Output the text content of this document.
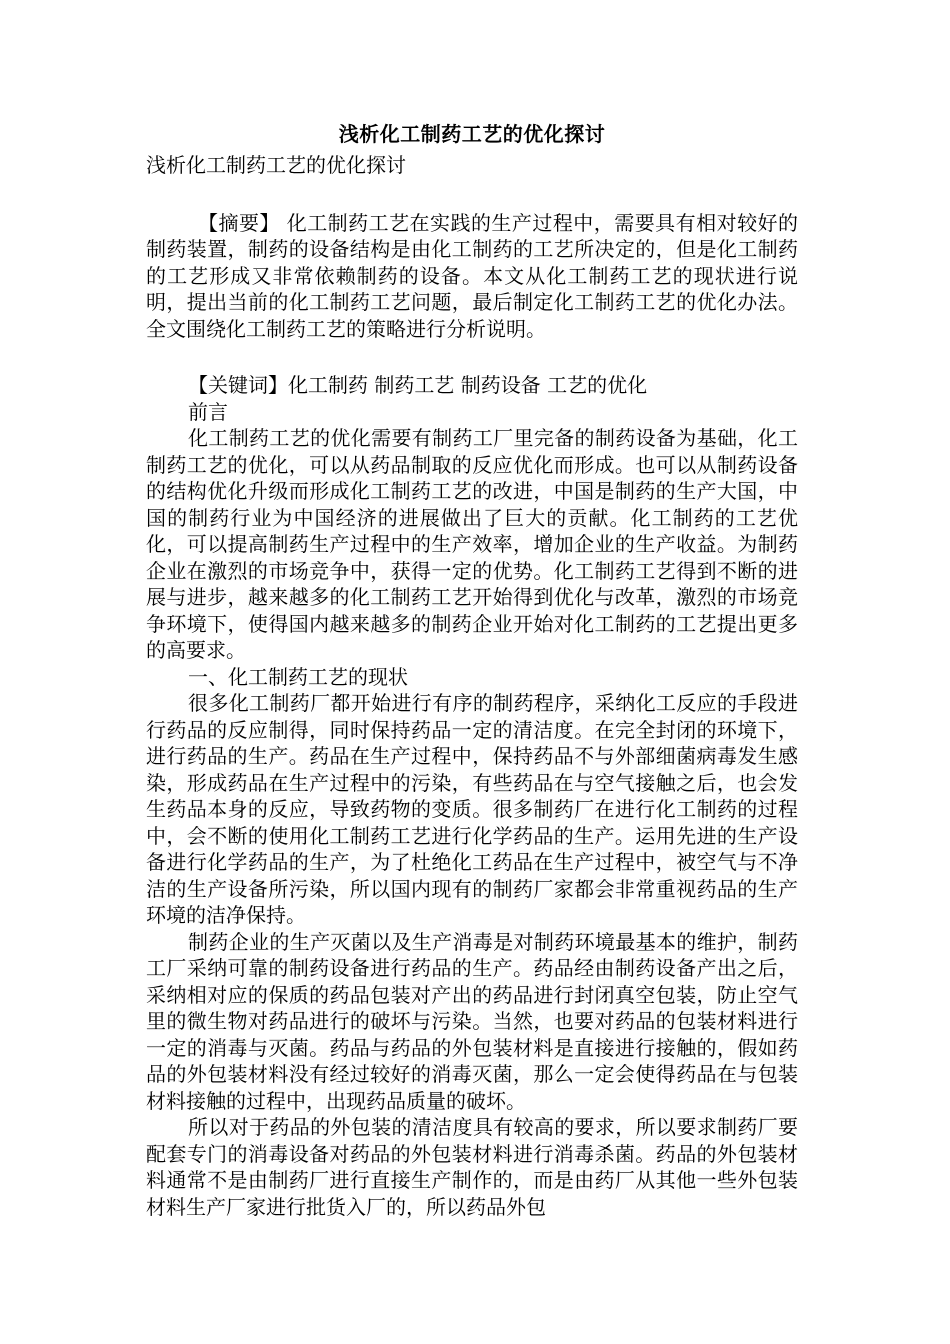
浅析化工制药工艺的优化探讨

浅析化工制药工艺的优化探讨

【摘要】 化工制药工艺在实践的生产过程中，需要具有相对较好的制药装置，制药的设备结构是由化工制药的工艺所决定的，但是化工制药的工艺形成又非常依赖制药的设备。本文从化工制药工艺的现状进行说明，提出当前的化工制药工艺问题，最后制定化工制药工艺的优化办法。全文围绕化工制药工艺的策略进行分析说明。

【关键词】化工制药 制药工艺 制药设备 工艺的优化

前言

化工制药工艺的优化需要有制药工厂里完备的制药设备为基础，化工制药工艺的优化，可以从药品制取的反应优化而形成。也可以从制药设备的结构优化升级而形成化工制药工艺的改进，中国是制药的生产大国，中国的制药行业为中国经济的进展做出了巨大的贡献。化工制药的工艺优化，可以提高制药生产过程中的生产效率，增加企业的生产收益。为制药企业在激烈的市场竞争中，获得一定的优势。化工制药工艺得到不断的进展与进步，越来越多的化工制药工艺开始得到优化与改革，激烈的市场竞争环境下，使得国内越来越多的制药企业开始对化工制药的工艺提出更多的高要求。

一、化工制药工艺的现状

很多化工制药厂都开始进行有序的制药程序，采纳化工反应的手段进行药品的反应制得，同时保持药品一定的清洁度。在完全封闭的环境下，进行药品的生产。药品在生产过程中，保持药品不与外部细菌病毒发生感染，形成药品在生产过程中的污染，有些药品在与空气接触之后，也会发生药品本身的反应，导致药物的变质。很多制药厂在进行化工制药的过程中，会不断的使用化工制药工艺进行化学药品的生产。运用先进的生产设备进行化学药品的生产，为了杜绝化工药品在生产过程中，被空气与不净洁的生产设备所污染，所以国内现有的制药厂家都会非常重视药品的生产环境的洁净保持。

制药企业的生产灭菌以及生产消毒是对制药环境最基本的维护，制药工厂采纳可靠的制药设备进行药品的生产。药品经由制药设备产出之后，采纳相对应的保质的药品包装对产出的药品进行封闭真空包装，防止空气里的微生物对药品进行的破坏与污染。当然，也要对药品的包装材料进行一定的消毒与灭菌。药品与药品的外包装材料是直接进行接触的，假如药品的外包装材料没有经过较好的消毒灭菌，那么一定会使得药品在与包装材料接触的过程中，出现药品质量的破坏。

所以对于药品的外包装的清洁度具有较高的要求，所以要求制药厂要配套专门的消毒设备对药品的外包装材料进行消毒杀菌。药品的外包装材料通常不是由制药厂进行直接生产制作的，而是由药厂从其他一些外包装材料生产厂家进行批货入厂的，所以药品外包
